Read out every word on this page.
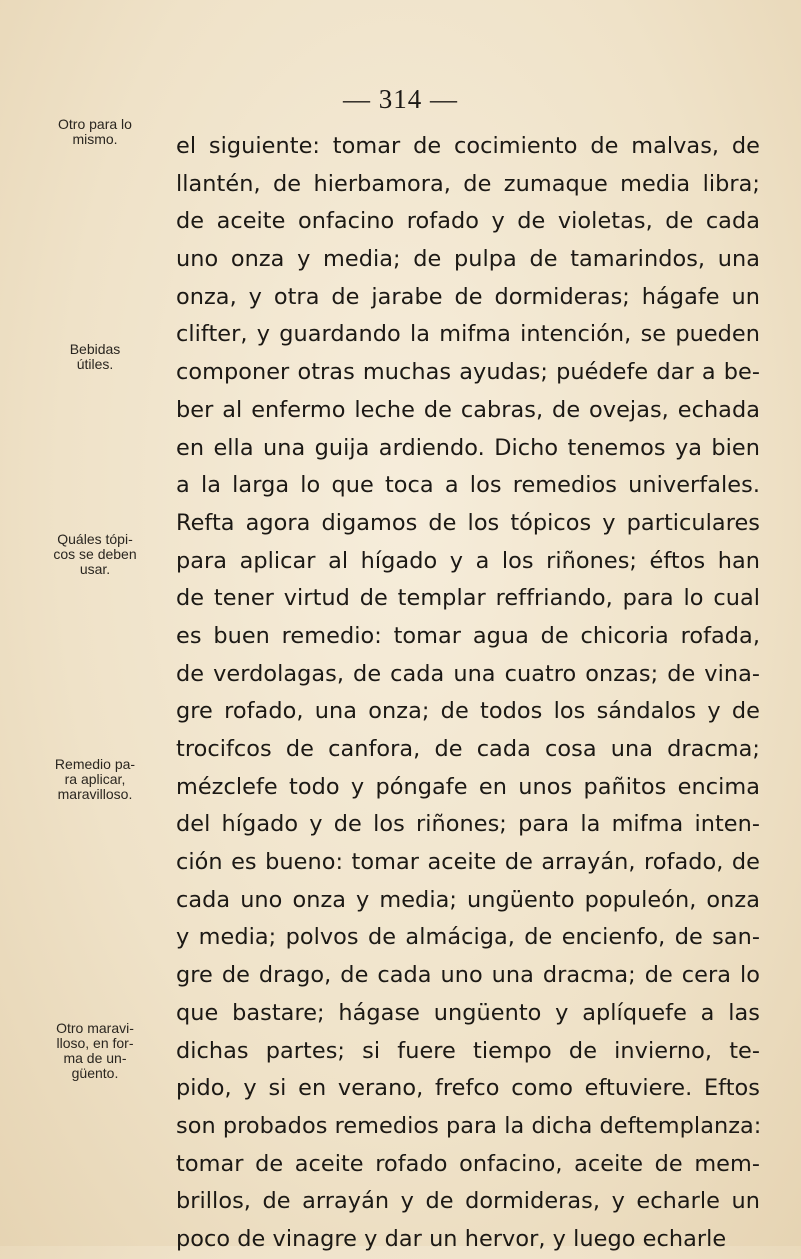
— 314 —
Otro para lo
mismo.
Bebidas
útiles.
Quáles tópi-
cos se deben
usar.
Remedio pa-
ra aplicar,
maravilloso.
Otro maravi-
lloso, en for-
ma de un-
güento.
el siguiente: tomar de cocimiento de malvas, de
llantén, de hierbamora, de zumaque media libra;
de aceite onfacino rofado y de violetas, de cada
uno onza y media; de pulpa de tamarindos, una
onza, y otra de jarabe de dormideras; hágafe un
clifter, y guardando la mifma intención, se pueden
componer otras muchas ayudas; puédefe dar a be-
ber al enfermo leche de cabras, de ovejas, echada
en ella una guija ardiendo. Dicho tenemos ya bien
a la larga lo que toca a los remedios univerfales.
Refta agora digamos de los tópicos y particulares
para aplicar al hígado y a los riñones; éftos han
de tener virtud de templar reffriando, para lo cual
es buen remedio: tomar agua de chicoria rofada,
de verdolagas, de cada una cuatro onzas; de vina-
gre rofado, una onza; de todos los sándalos y de
trocifcos de canfora, de cada cosa una dracma;
mézclefe todo y póngafe en unos pañitos encima
del hígado y de los riñones; para la mifma inten-
ción es bueno: tomar aceite de arrayán, rofado, de
cada uno onza y media; ungüento populeón, onza
y media; polvos de almáciga, de encienfo, de san-
gre de drago, de cada uno una dracma; de cera lo
que bastare; hágase ungüento y aplíquefe a las
dichas partes; si fuere tiempo de invierno, te-
pido, y si en verano, frefco como eftuviere. Eftos
son probados remedios para la dicha deftemplanza:
tomar de aceite rofado onfacino, aceite de mem-
brillos, de arrayán y de dormideras, y echarle un
poco de vinagre y dar un hervor, y luego echarle
